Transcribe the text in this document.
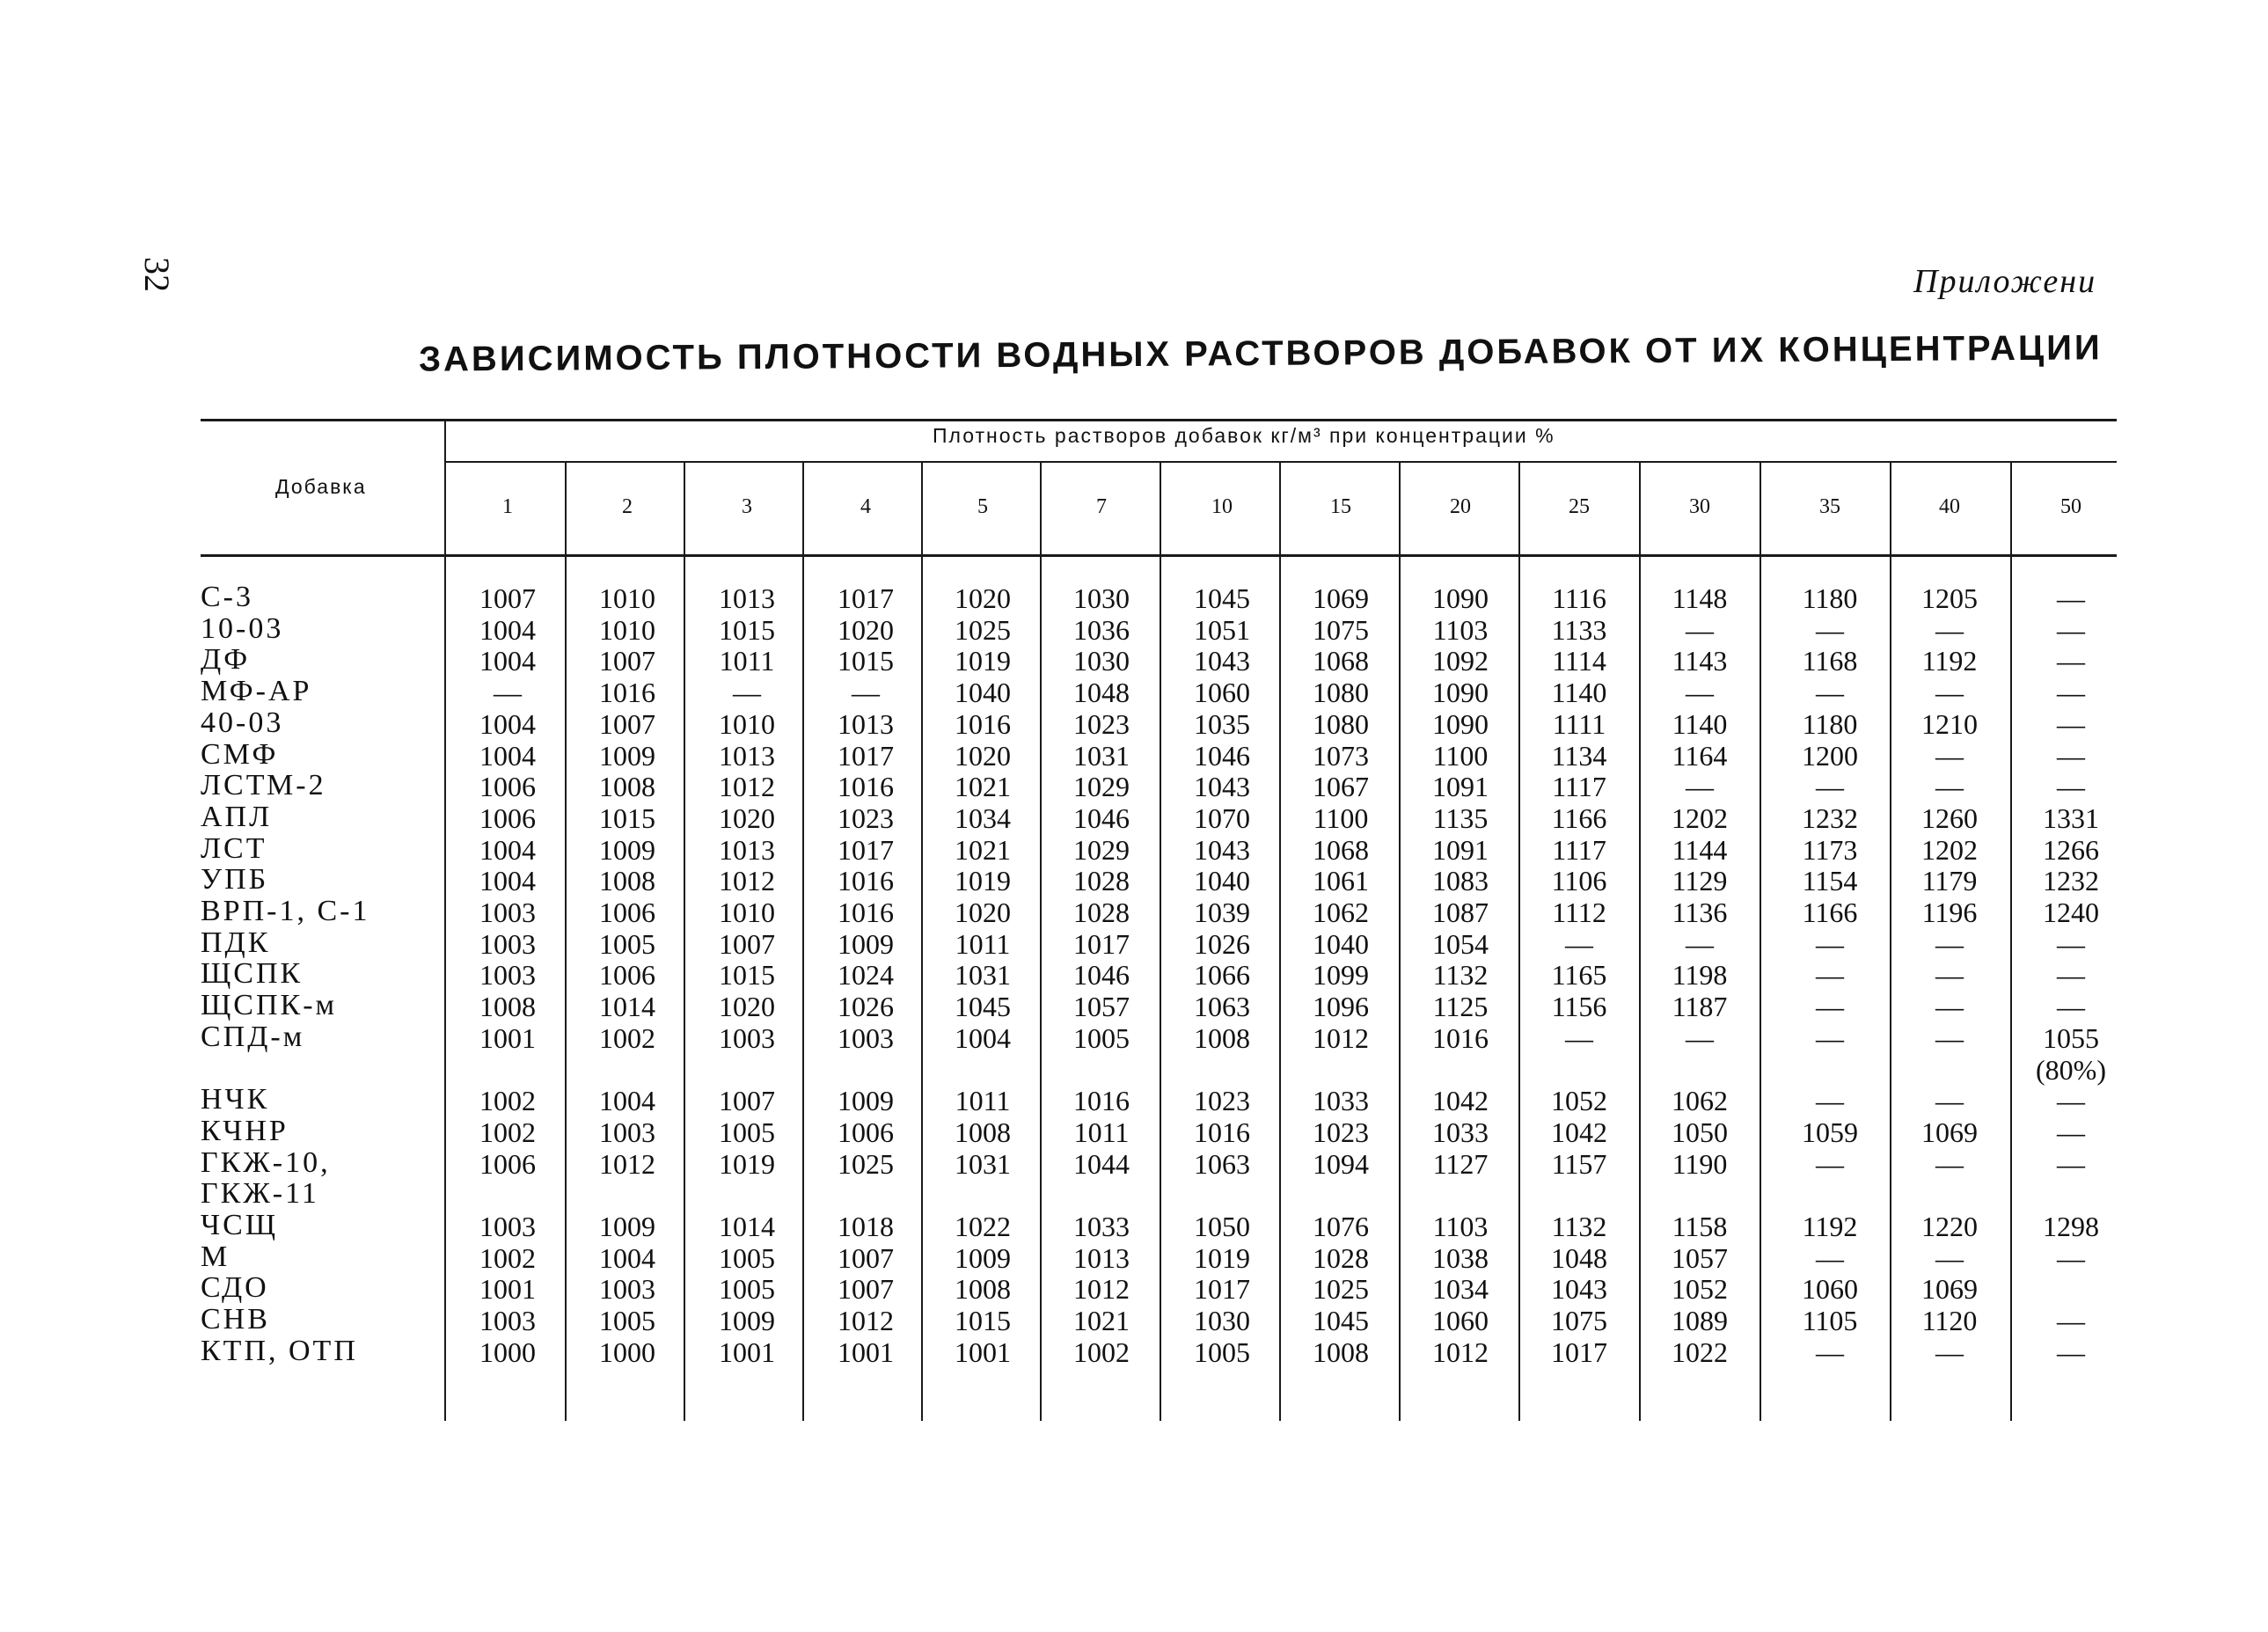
32	Приложени
ЗАВИСИМОСТЬ ПЛОТНОСТИ ВОДНЫХ РАСТВОРОВ ДОБАВОК ОТ ИХ КОНЦЕНТРАЦИИ
Добавка
Плотность растворов добавок кг/м³ при концентрации %
1	2	3	4	5	7	10	15	20	25	30	35	40	50
С-3	1007 1010 1013 1017 1020 1030 1045 1069 1090 1116 1148	1180 1205	—
10-03	1004 1010 1015 1020 1025 1036 1051 1075 1103 1133	—	—	—	—
ДФ	1004 1007 1011 1015 1019 1030 1043 1068 1092 1114 1143	1168 1192	—
МФ-АР	—	1016	—	—	1040 1048 1060 1080 1090 1140	—	—	—	—
40-03	1004 1007 1010 1013 1016 1023 1035 1080 1090 1111 1140	1180 1210	—
СМФ	1004 1009 1013 1017 1020 1031 1046 1073 1100 1134 1164	1200	—	—
ЛСТМ-2	1006 1008 1012 1016 1021 1029 1043 1067 1091 1117	—	—	—	—
АПЛ	1006 1015 1020 1023 1034 1046 1070 1100 1135 1166 1202	1232 1260 1331
ЛСТ	1004 1009 1013 1017 1021 1029 1043 1068 1091 1117 1144	1173 1202 1266
УПБ	1004 1008 1012 1016 1019 1028 1040 1061 1083 1106 1129	1154 1179 1232
ВРП-1, С-1	1003 1006 1010 1016 1020 1028 1039 1062 1087 1112 1136	1166 1196 1240
ПДК	1003 1005 1007 1009 1011 1017 1026 1040 1054	—	—	—	—	—
ЩСПК	1003 1006 1015 1024 1031 1046 1066 1099 1132 1165 1198	—	—	—
ЩСПК-м	1008 1014 1020 1026 1045 1057 1063 1096 1125 1156 1187	—	—	—
СПД-м	1001 1002 1003 1003 1004 1005 1008 1012 1016	—	—	—	—	1055
(80%)
НЧК	1002 1004 1007 1009 1011 1016 1023 1033 1042 1052 1062	—	—	—
КЧНР	1002 1003 1005 1006 1008 1011 1016 1023 1033 1042 1050	1059 1069	—
ГКЖ-10,	1006 1012 1019 1025 1031 1044 1063 1094 1127 1157 1190	—	—	—
ГКЖ-11
ЧСЩ	1003 1009 1014 1018 1022 1033 1050 1076 1103 1132 1158	1192 1220 1298
М	1002 1004 1005 1007 1009 1013 1019 1028 1038 1048 1057	—	—	—
СДО	1001 1003 1005 1007 1008 1012 1017 1025 1034 1043 1052	1060 1069
СНВ	1003 1005 1009 1012 1015 1021 1030 1045 1060 1075 1089	1105 1120	—
КТП, ОТП	1000 1000 1001 1001 1001 1002 1005 1008 1012 1017 1022	—	—	—
